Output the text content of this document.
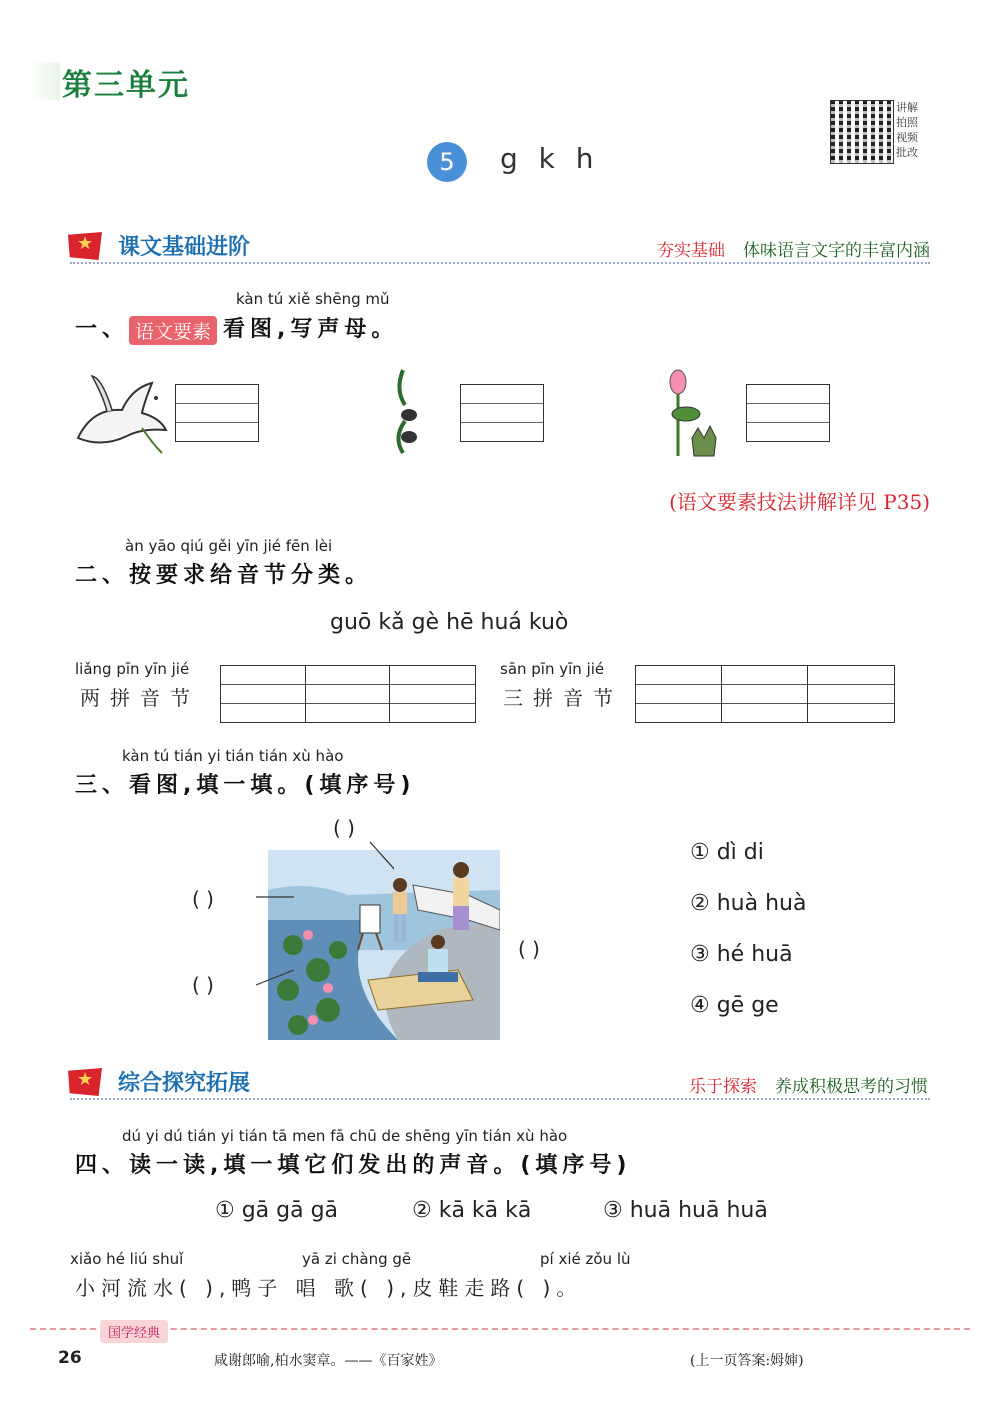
第三单元
5	g k h
讲解 拍照 视频 批改
★
课文基础进阶	夯实基础 体味语言文字的丰富内涵
kàn tú xiě shēng mǔ
一、 语文要素 看图,写声母。
(语文要素技法讲解详见 P35)
àn yāo qiú gěi yīn jié fēn lèi
二、按要求给音节分类。
guō kǎ gè hē huá kuò
liǎng pīn yīn jié
两拼音节
sān pīn yīn jié
三拼音节
kàn tú tián yi tián tián xù hào
三、看图,填一填。(填序号)
( )
( )
( )
( )
① dì di
② huà huà
③ hé huā
④ gē ge
★
综合探究拓展	乐于探索 养成积极思考的习惯
dú yi dú tián yi tián tā men fā chū de shēng yīn tián xù hào
四、读一读,填一填它们发出的声音。(填序号)
① gā gā gā	② kā kā kā	③ huā huā huā
xiǎo hé liú shuǐ	yā zi chàng gē	pí xié zǒu lù
小河流水( ),鸭子 唱 歌( ),皮鞋走路( )。
国学经典
26	咸谢郎喻,柏水窦章。——《百家姓》	(上一页答案:姆婶)
